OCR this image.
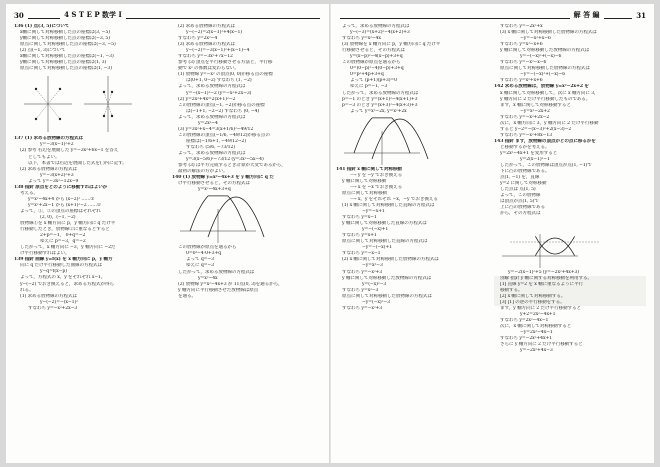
30	4 S T E P 数学 I
136 (1) 点(3, 5)について
x軸に関して対称移動した点の座標は(3, −5)
y軸に関して対称移動した点の座標は(−3, 5)
原点に関して対称移動した点の座標は(−3, −5)
(2) 点(−1, 3)について
x軸に関して対称移動した点の座標は(−1, −3)
y軸に関して対称移動した点の座標は(1, 3)
原点に関して対称移動した点の座標は(1, −3)
137 (1) 求める放物線の方程式は
y=−3(x−1)²+2
(2) 参考 右辺を展開した y=−3x²+6x−1 を答え
としてもよい。
以下，本書では右辺を展開した式を( )内に記す。
(2) 求める放物線の方程式は
y=−3(x+2)²+3
よって y=−3x²−12x−9
138 指針 原点をどのように移動すればよいか
考える。
y=x²−4x+4 から (x−2)² ……①
y=x²+2x−1 から (x+1)²−2 ……②
よって，①，②の頂点の座標はそれぞれ
(2, 0)，(−1, −2)
放物線①を x 軸方向に p，y 軸方向に q だけ平
行移動したとき，放物線②に重なるとすると
2+p=−1， 0+q=−2
ゆえに p=−3，q=−2
したがって，x 軸方向に −3，y 軸方向に −2だ
け平行移動すればよい。
139 指針 曲線 y=f(x) を x 軸方向に p，y 軸方
向に q だけ平行移動した曲線の方程式は
y−q=f(x−p)
よって，方程式の x，y をそれぞれ x−1，
y−(−2) でおき換えると，求める方程式が得ら
れる。
(1) 求める放物線の方程式は
y−(−2)=−(x−1)²
すなわち y=−x²+2x−3
(2) 求める放物線の方程式は
y−(−2)=2(x−1)²+4(x−1)
すなわち y=2x²−4
(3) 求める放物線の方程式は
y−(−2)=−3(x−1)²+(x−1)−4
すなわち y=−3x²+7x−12
参考 (3) 頂点を平行移動させる方法と，平行移
動で x² の係数は変わらない。
(1) 放物線 y=−x² の頂点(0, 0)が移る点の座標
は(0+1, 0−2) すなわち (1, −2)
よって，求める放物線の方程式は
y=−(x−1)²−2 (y=−x²+2x−3)
(2) y=2x²+4x=2(x+1)²−2
この放物線の頂点(−1, −2)が移る点の座標
は(−1+1, −2−2) すなわち (0, −4)
よって，求める放物線の方程式は
y=2x²−4
(3) y=3x²+x−4=3(x+1/6)²−49/12
この放物線の頂点(−1/6, −49/12)が移る点の
座標は(−1/6+1, −49/12−2)
すなわち (5/6, −73/12)
よって，求める放物線の方程式は
y=3(x−5/6)²−73/12 (y=3x²−5x−4)
参考 (3) は平方完成するとき計算が大変であるから，
最初の解法の方がよい。
140 (1) 放物線 y=x²−4x+3 を y 軸方向に q だ
け平行移動させると，その方程式は
y=x²−4x+3+q
この放物線が原点を通るから
0=0²−4·0+3+q
よって q=−3
ゆえに q=−3
したがって，求める放物線の方程式は
y=x²−4x
(2) 放物線 y=x²−4x+3 が 11点(0, 3)を通るから，
y 軸方向に平行移動させた放物線は原点
を通る。
解 答 編	31
よって，求める放物線の方程式は
y−(−3)=(x+2)²−4(x+2)+3
すなわち y=x²−4x
(3) 放物線を x 軸方向に p，y 軸方向に q だけ平
行移動させると，その方程式は
y=(x−p)²−4(x−p)+3+q
この放物線が原点を通るから
0=(0−p)²−4(0−p)+3+q
0=p²+4p+3+q
よって (p+1)(p+3)=0
ゆえに p=−1, −3
したがって，求める放物線の方程式は
p=−1 のとき y=(x+1)²−4(x+1)+3
p=−3 のとき y=(x+3)²−4(x+3)+3
よって y=x²−2x, y=x²+2x
141 指針 x 軸に関して対称移動
⟶ y を −y でおき換える
y 軸に関して対称移動
⟶ x を −x でおき換える
原点に関して対称移動
⟶ x，y をそれぞれ −x，−y でおき換える
(1) x 軸に関して対称移動した直線の方程式は
−y=−x+1
すなわち y=x−1
y 軸に関して対称移動した直線の方程式は
y=−(−x)+1
すなわち y=x+1
原点に関して対称移動した直線の方程式は
−y=−(−x)+1
すなわち y=−x−1
(2) x 軸に関して対称移動した放物線の方程式は
−y=x²−3
すなわち y=−x²+3
y 軸に関して対称移動した放物線の方程式は
y=(−x)²−3
すなわち y=x²−3
原点に関して対称移動した放物線の方程式は
−y=(−x)²−3
すなわち y=−x²+3
すなわち y=−2x²+x
(3) x 軸に関して対称移動した放物線の方程式は
−y=−x²+x−6
すなわち y=x²−x+6
y 軸に関して対称移動した放物線の方程式は
y=−(−x)²+(−x)−6
すなわち y=−x²−x−6
原点に関して対称移動した放物線の方程式は
−y=−(−x)²+(−x)−6
すなわち y=x²+x+6
142 求める放物線は，放物線 y=x²−2x+2 を
x 軸に関して対称移動して，次に x 軸方向に 3，
y 軸方向に 2 だけ平行移動したものである。
まず，x 軸に関して対称移動すると
−y=x²−2x+2
すなわち y=−x²+2x−2
次に，x 軸方向に 3，y 軸方向に 2 だけ平行移動
すると y−2=−(x−3)²+2(x−3)−2
すなわち y=−x²+8x−13
143 指針 まず，放物線の頂点がどの点に移るかを
ど移動するかを考える。
y=2x²−4x+1 を変形すると
y=2(x−1)²−1
したがって，この放物線は頂点が点(1, −1)で
下に凸の放物線である。
点(1, −1) を，直線
y=2 に関して対称移動
した点は 点(1, 5)
よって，この放物線
は頂点が点(1, 5)で
上に凸の放物線である
から，その方程式は
y=−2(x−1)²+5 (y=−2x²+4x+3)
別解 指針 y 軸に関する対称移動を利用する。
[1] 直線 y=2 を x 軸に重なるように平行
移動する。
[2] x 軸に関して対称移動する。
[3] [1] の逆の平行移動をする。
まず，y 軸方向に 2 だけ平行移動すると
y+2=2x²−4x+1
すなわち y=2x²−4x−1
次に，x 軸に関して対称移動すると
−y=2x²−4x−1
すなわち y=−2x²+4x+1
さらに y 軸方向に 2 だけ平行移動すると
y=−2x²+4x−3
